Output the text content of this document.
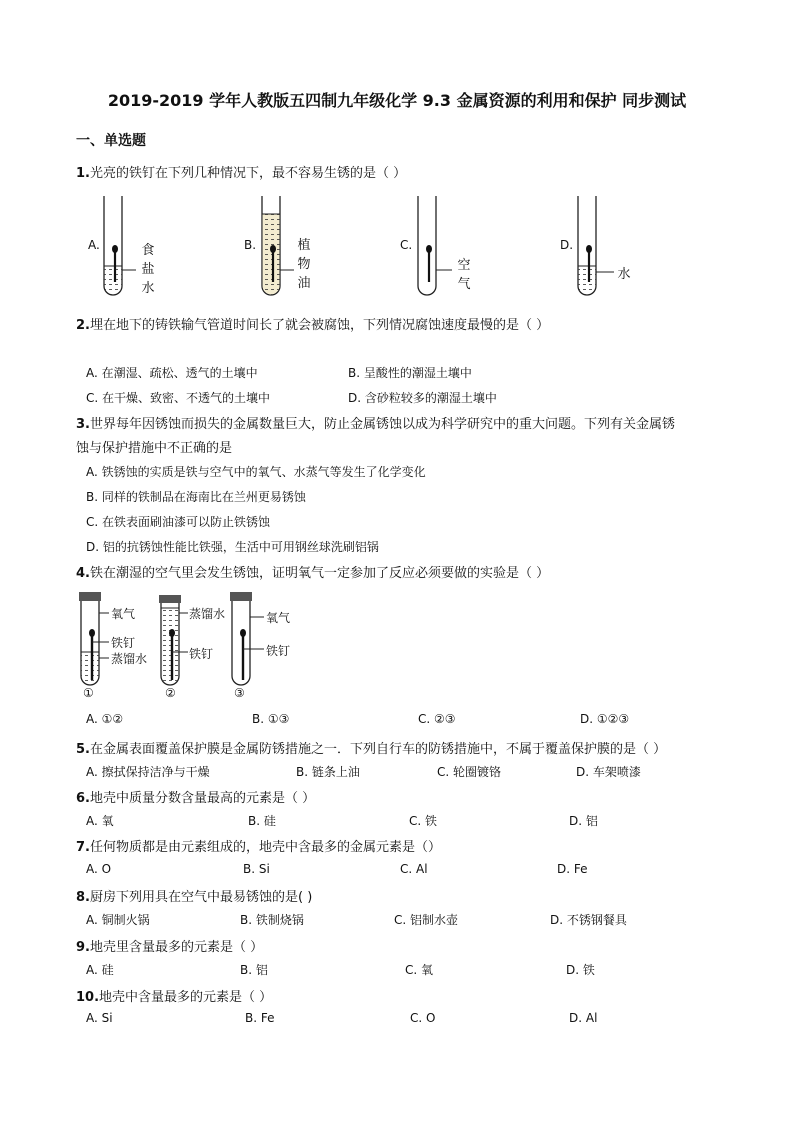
2019-2019 学年人教版五四制九年级化学 9.3 金属资源的利用和保护 同步测试
一、单选题
1.光亮的铁钉在下列几种情况下，最不容易生锈的是（ ）
A.	食盐水
B.	植物油
C.
空气
D.
水
2.埋在地下的铸铁输气管道时间长了就会被腐蚀，下列情况腐蚀速度最慢的是（ ）
A. 在潮湿、疏松、透气的土壤中	B. 呈酸性的潮湿土壤中
C. 在干燥、致密、不透气的土壤中	D. 含砂粒较多的潮湿土壤中
3.世界每年因锈蚀而损失的金属数量巨大，防止金属锈蚀以成为科学研究中的重大问题。下列有关金属锈
蚀与保护措施中不正确的是
A. 铁锈蚀的实质是铁与空气中的氧气、水蒸气等发生了化学变化
B. 同样的铁制品在海南比在兰州更易锈蚀
C. 在铁表面刷油漆可以防止铁锈蚀
D. 铝的抗锈蚀性能比铁强，生活中可用钢丝球洗刷铝锅
4.铁在潮湿的空气里会发生锈蚀，证明氧气一定参加了反应必须要做的实验是（ ）
氧气
铁钉
蒸馏水
①
蒸馏水
铁钉
②
氧气
铁钉
③
A. ①②	B. ①③	C. ②③	D. ①②③
5.在金属表面覆盖保护膜是金属防锈措施之一．下列自行车的防锈措施中，不属于覆盖保护膜的是（ ）
A. 擦拭保持洁净与干燥	B. 链条上油	C. 轮圈镀铬	D. 车架喷漆
6.地壳中质量分数含量最高的元素是（ ）
A. 氧	B. 硅	C. 铁	D. 铝
7.任何物质都是由元素组成的，地壳中含最多的金属元素是（）
A. O	B. Si	C. Al	D. Fe
8.厨房下列用具在空气中最易锈蚀的是( )
A. 铜制火锅	B. 铁制烧锅	C. 铝制水壶	D. 不锈钢餐具
9.地壳里含量最多的元素是（ ）
A. 硅	B. 铝	C. 氧	D. 铁
10.地壳中含量最多的元素是（ ）
A. Si	B. Fe	C. O	D. Al
